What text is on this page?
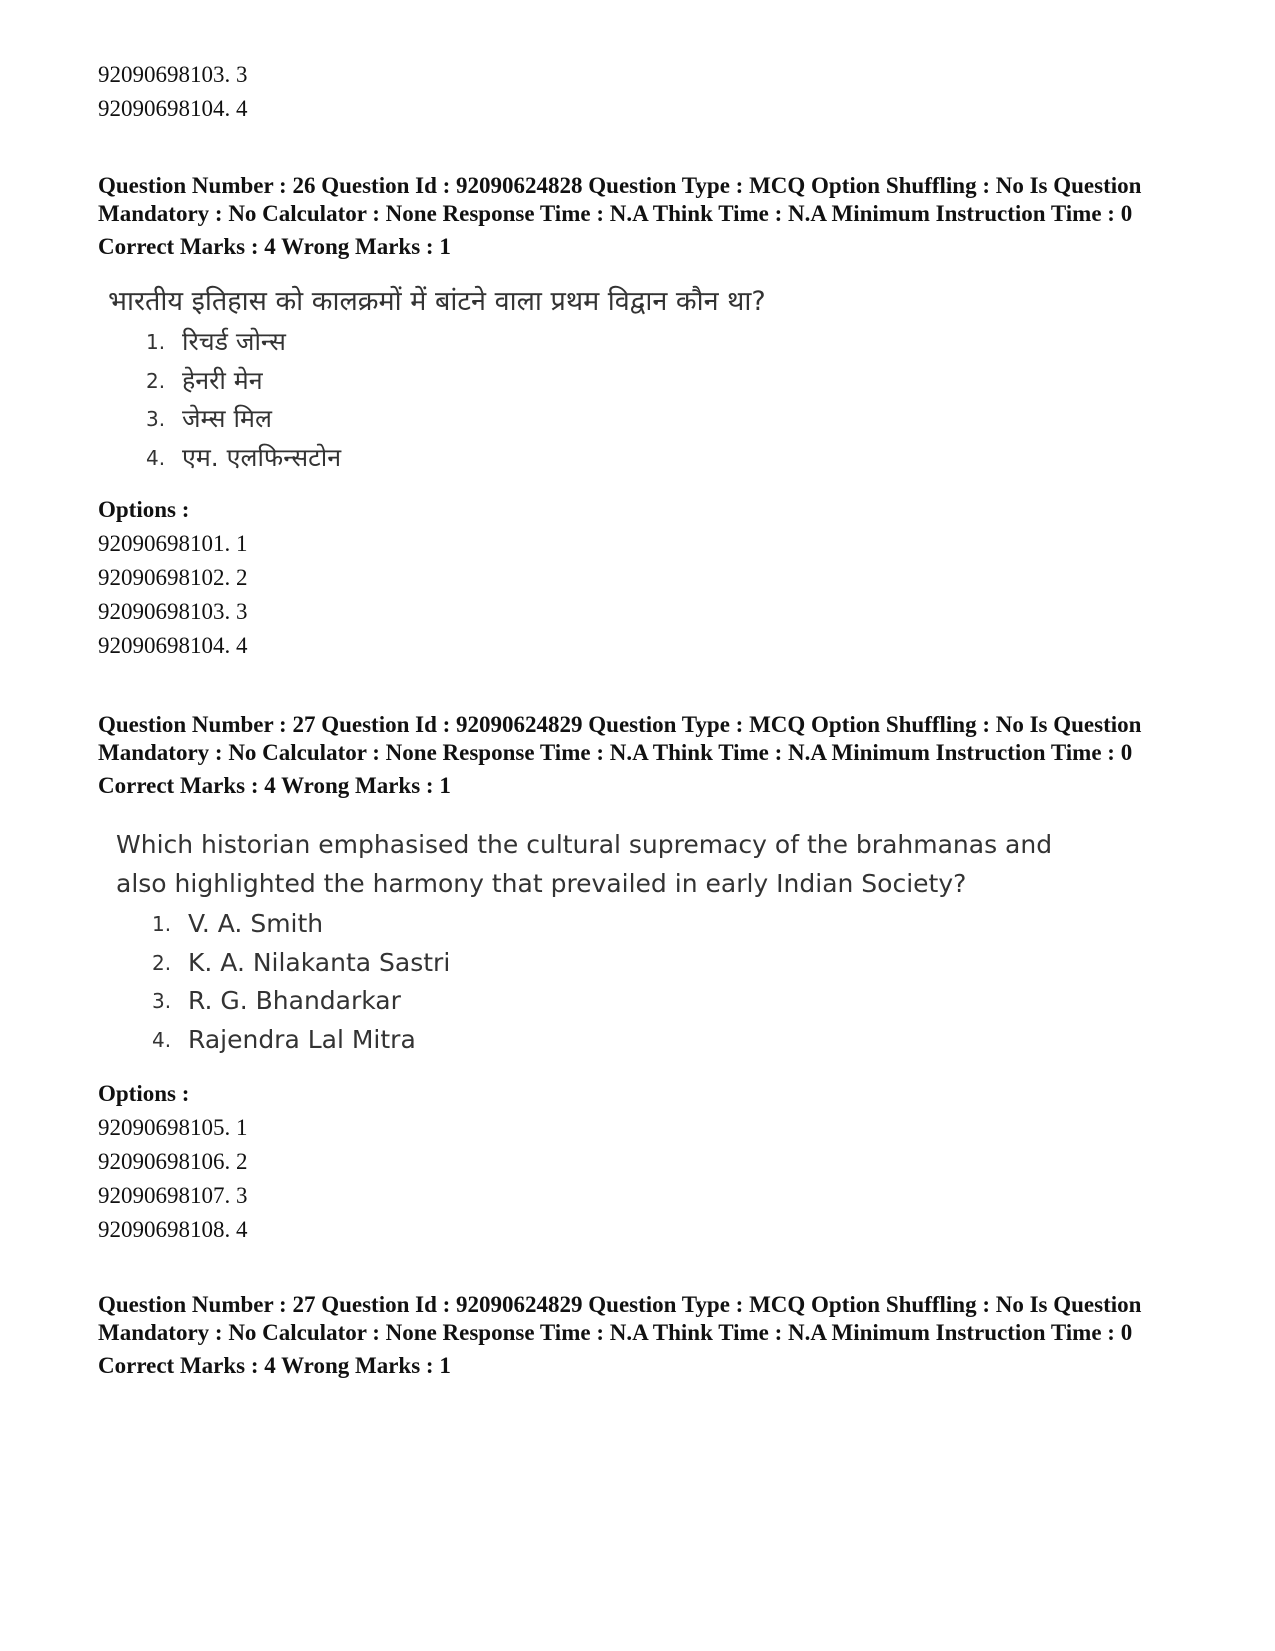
92090698103. 3
92090698104. 4
Question Number : 26 Question Id : 92090624828 Question Type : MCQ Option Shuffling : No Is Question Mandatory : No Calculator : None Response Time : N.A Think Time : N.A Minimum Instruction Time : 0
Correct Marks : 4 Wrong Marks : 1
भारतीय इतिहास को कालक्रमों में बांटने वाला प्रथम विद्वान कौन था?
1. रिचर्ड जोन्स
2. हेनरी मेन
3. जेम्स मिल
4. एम. एलफिन्सटोन
Options :
92090698101. 1
92090698102. 2
92090698103. 3
92090698104. 4
Question Number : 27 Question Id : 92090624829 Question Type : MCQ Option Shuffling : No Is Question Mandatory : No Calculator : None Response Time : N.A Think Time : N.A Minimum Instruction Time : 0
Correct Marks : 4 Wrong Marks : 1
Which historian emphasised the cultural supremacy of the brahmanas and
also highlighted the harmony that prevailed in early Indian Society?
1. V. A. Smith
2. K. A. Nilakanta Sastri
3. R. G. Bhandarkar
4. Rajendra Lal Mitra
Options :
92090698105. 1
92090698106. 2
92090698107. 3
92090698108. 4
Question Number : 27 Question Id : 92090624829 Question Type : MCQ Option Shuffling : No Is Question Mandatory : No Calculator : None Response Time : N.A Think Time : N.A Minimum Instruction Time : 0
Correct Marks : 4 Wrong Marks : 1
